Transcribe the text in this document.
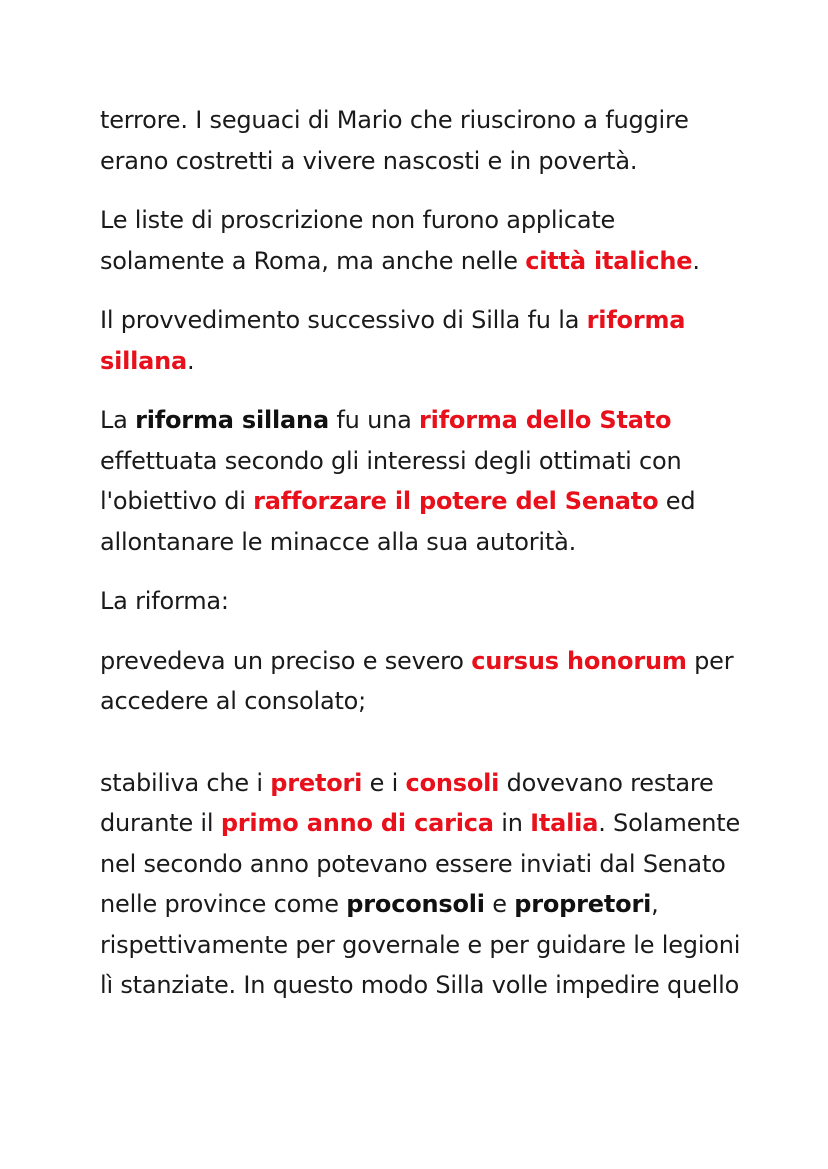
terrore. I seguaci di Mario che riuscirono a fuggire
erano costretti a vivere nascosti e in povertà.

Le liste di proscrizione non furono applicate
solamente a Roma, ma anche nelle città italiche.

Il provvedimento successivo di Silla fu la riforma
sillana.

La riforma sillana fu una riforma dello Stato
effettuata secondo gli interessi degli ottimati con
l'obiettivo di rafforzare il potere del Senato ed
allontanare le minacce alla sua autorità.

La riforma:

prevedeva un preciso e severo cursus honorum per
accedere al consolato;

stabiliva che i pretori e i consoli dovevano restare
durante il primo anno di carica in Italia. Solamente
nel secondo anno potevano essere inviati dal Senato
nelle province come proconsoli e propretori,
rispettivamente per governale e per guidare le legioni
lì stanziate. In questo modo Silla volle impedire quello
